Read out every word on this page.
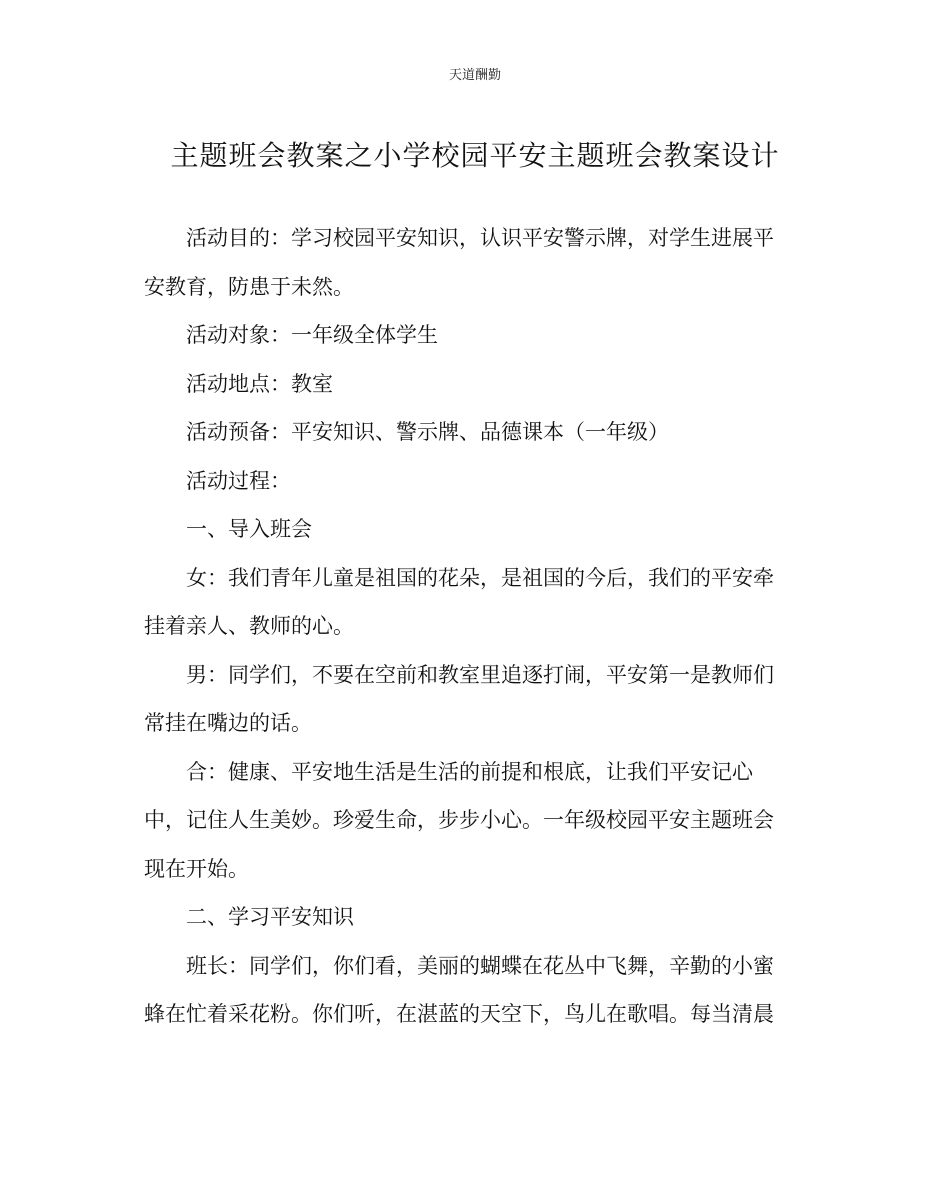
天道酬勤
主题班会教案之小学校园平安主题班会教案设计

活动目的：学习校园平安知识，认识平安警示牌，对学生进展平
安教育，防患于未然。

活动对象：一年级全体学生

活动地点：教室

活动预备：平安知识、警示牌、品德课本（一年级）

活动过程：

一、导入班会

女：我们青年儿童是祖国的花朵，是祖国的今后，我们的平安牵
挂着亲人、教师的心。

男：同学们，不要在空前和教室里追逐打闹，平安第一是教师们
常挂在嘴边的话。

合：健康、平安地生活是生活的前提和根底，让我们平安记心
中，记住人生美妙。珍爱生命，步步小心。一年级校园平安主题班会
现在开始。

二、学习平安知识

班长：同学们，你们看，美丽的蝴蝶在花丛中飞舞，辛勤的小蜜
蜂在忙着采花粉。你们听，在湛蓝的天空下，鸟儿在歌唱。每当清晨
